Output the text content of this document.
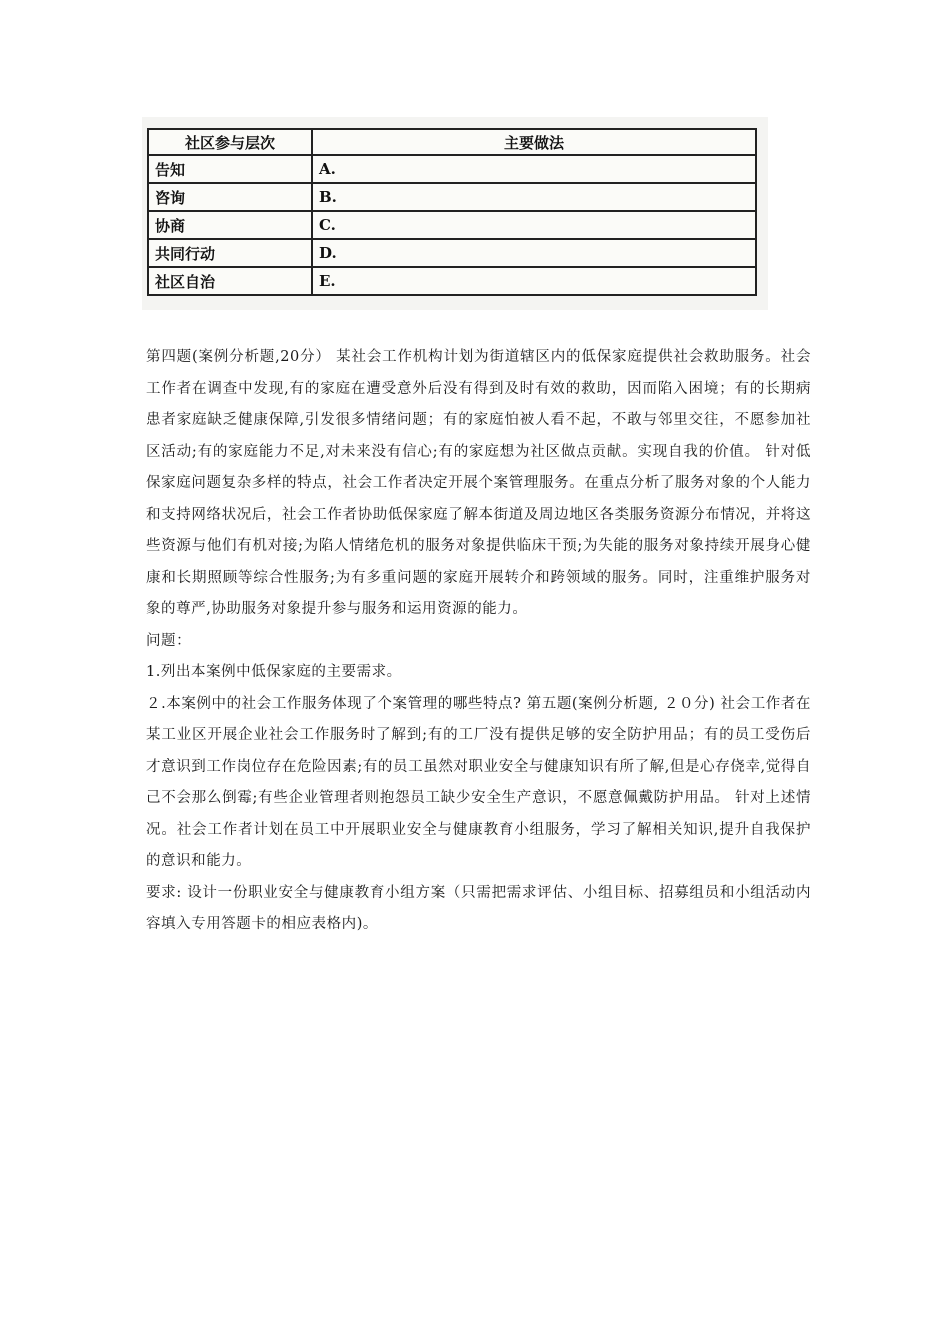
社区参与层次	主要做法
告知	A.
咨询	B.
协商	C.
共同行动	D.
社区自治	E.

第四题(案例分析题,20分） 某社会工作机构计划为街道辖区内的低保家庭提供社会救助服务。社会工作者在调查中发现,有的家庭在遭受意外后没有得到及时有效的救助，因而陷入困境；有的长期病患者家庭缺乏健康保障,引发很多情绪问题；有的家庭怕被人看不起，不敢与邻里交往，不愿参加社区活动;有的家庭能力不足,对未来没有信心;有的家庭想为社区做点贡献。实现自我的价值。 针对低保家庭问题复杂多样的特点，社会工作者决定开展个案管理服务。在重点分析了服务对象的个人能力和支持网络状况后，社会工作者协助低保家庭了解本街道及周边地区各类服务资源分布情况，并将这些资源与他们有机对接;为陷人情绪危机的服务对象提供临床干预;为失能的服务对象持续开展身心健康和长期照顾等综合性服务;为有多重问题的家庭开展转介和跨领域的服务。同时，注重维护服务对象的尊严,协助服务对象提升参与服务和运用资源的能力。

问题：

1.列出本案例中低保家庭的主要需求。

２.本案例中的社会工作服务体现了个案管理的哪些特点? 第五题(案例分析题, ２０分) 社会工作者在某工业区开展企业社会工作服务时了解到;有的工厂没有提供足够的安全防护用品；有的员工受伤后才意识到工作岗位存在危险因素;有的员工虽然对职业安全与健康知识有所了解,但是心存侥幸,觉得自己不会那么倒霉;有些企业管理者则抱怨员工缺少安全生产意识，不愿意佩戴防护用品。 针对上述情况。社会工作者计划在员工中开展职业安全与健康教育小组服务，学习了解相关知识,提升自我保护的意识和能力。

要求: 设计一份职业安全与健康教育小组方案（只需把需求评估、小组目标、招募组员和小组活动内容填入专用答题卡的相应表格内)。
